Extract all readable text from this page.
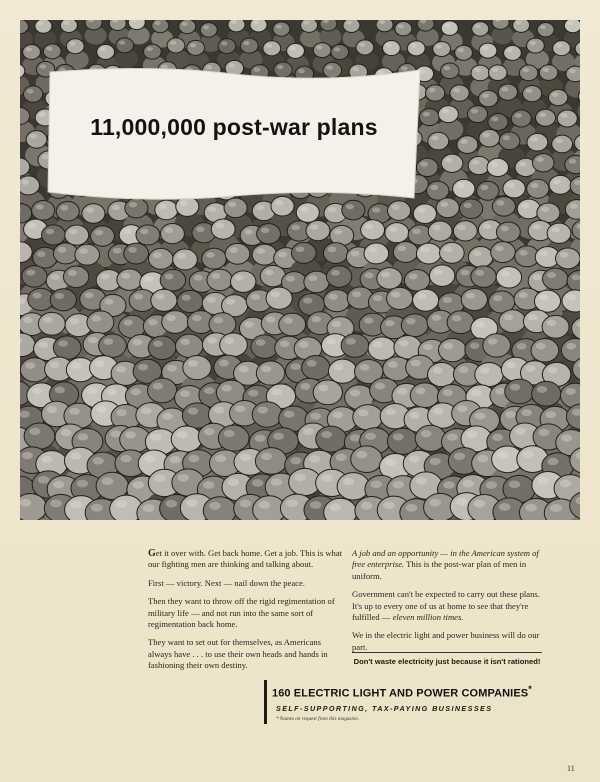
11,000,000 post-war plans

Get it over with. Get back home. Get a job. This is what our fighting men are thinking and talking about.

First — victory. Next — nail down the peace.

Then they want to throw off the rigid regimentation of military life — and not run into the same sort of regimentation back home.

They want to set out for themselves, as Americans always have . . . to use their own heads and hands in fashioning their own destiny.

A job and an opportunity — in the American system of free enterprise. This is the post-war plan of men in uniform.

Government can't be expected to carry out these plans. It's up to every one of us at home to see that they're fulfilled — eleven million times.

We in the electric light and power business will do our part.

Don't waste electricity just because it isn't rationed!
160 ELECTRIC LIGHT AND POWER COMPANIES*
SELF-SUPPORTING, TAX-PAYING BUSINESSES
* Names on request from this magazine.
11
